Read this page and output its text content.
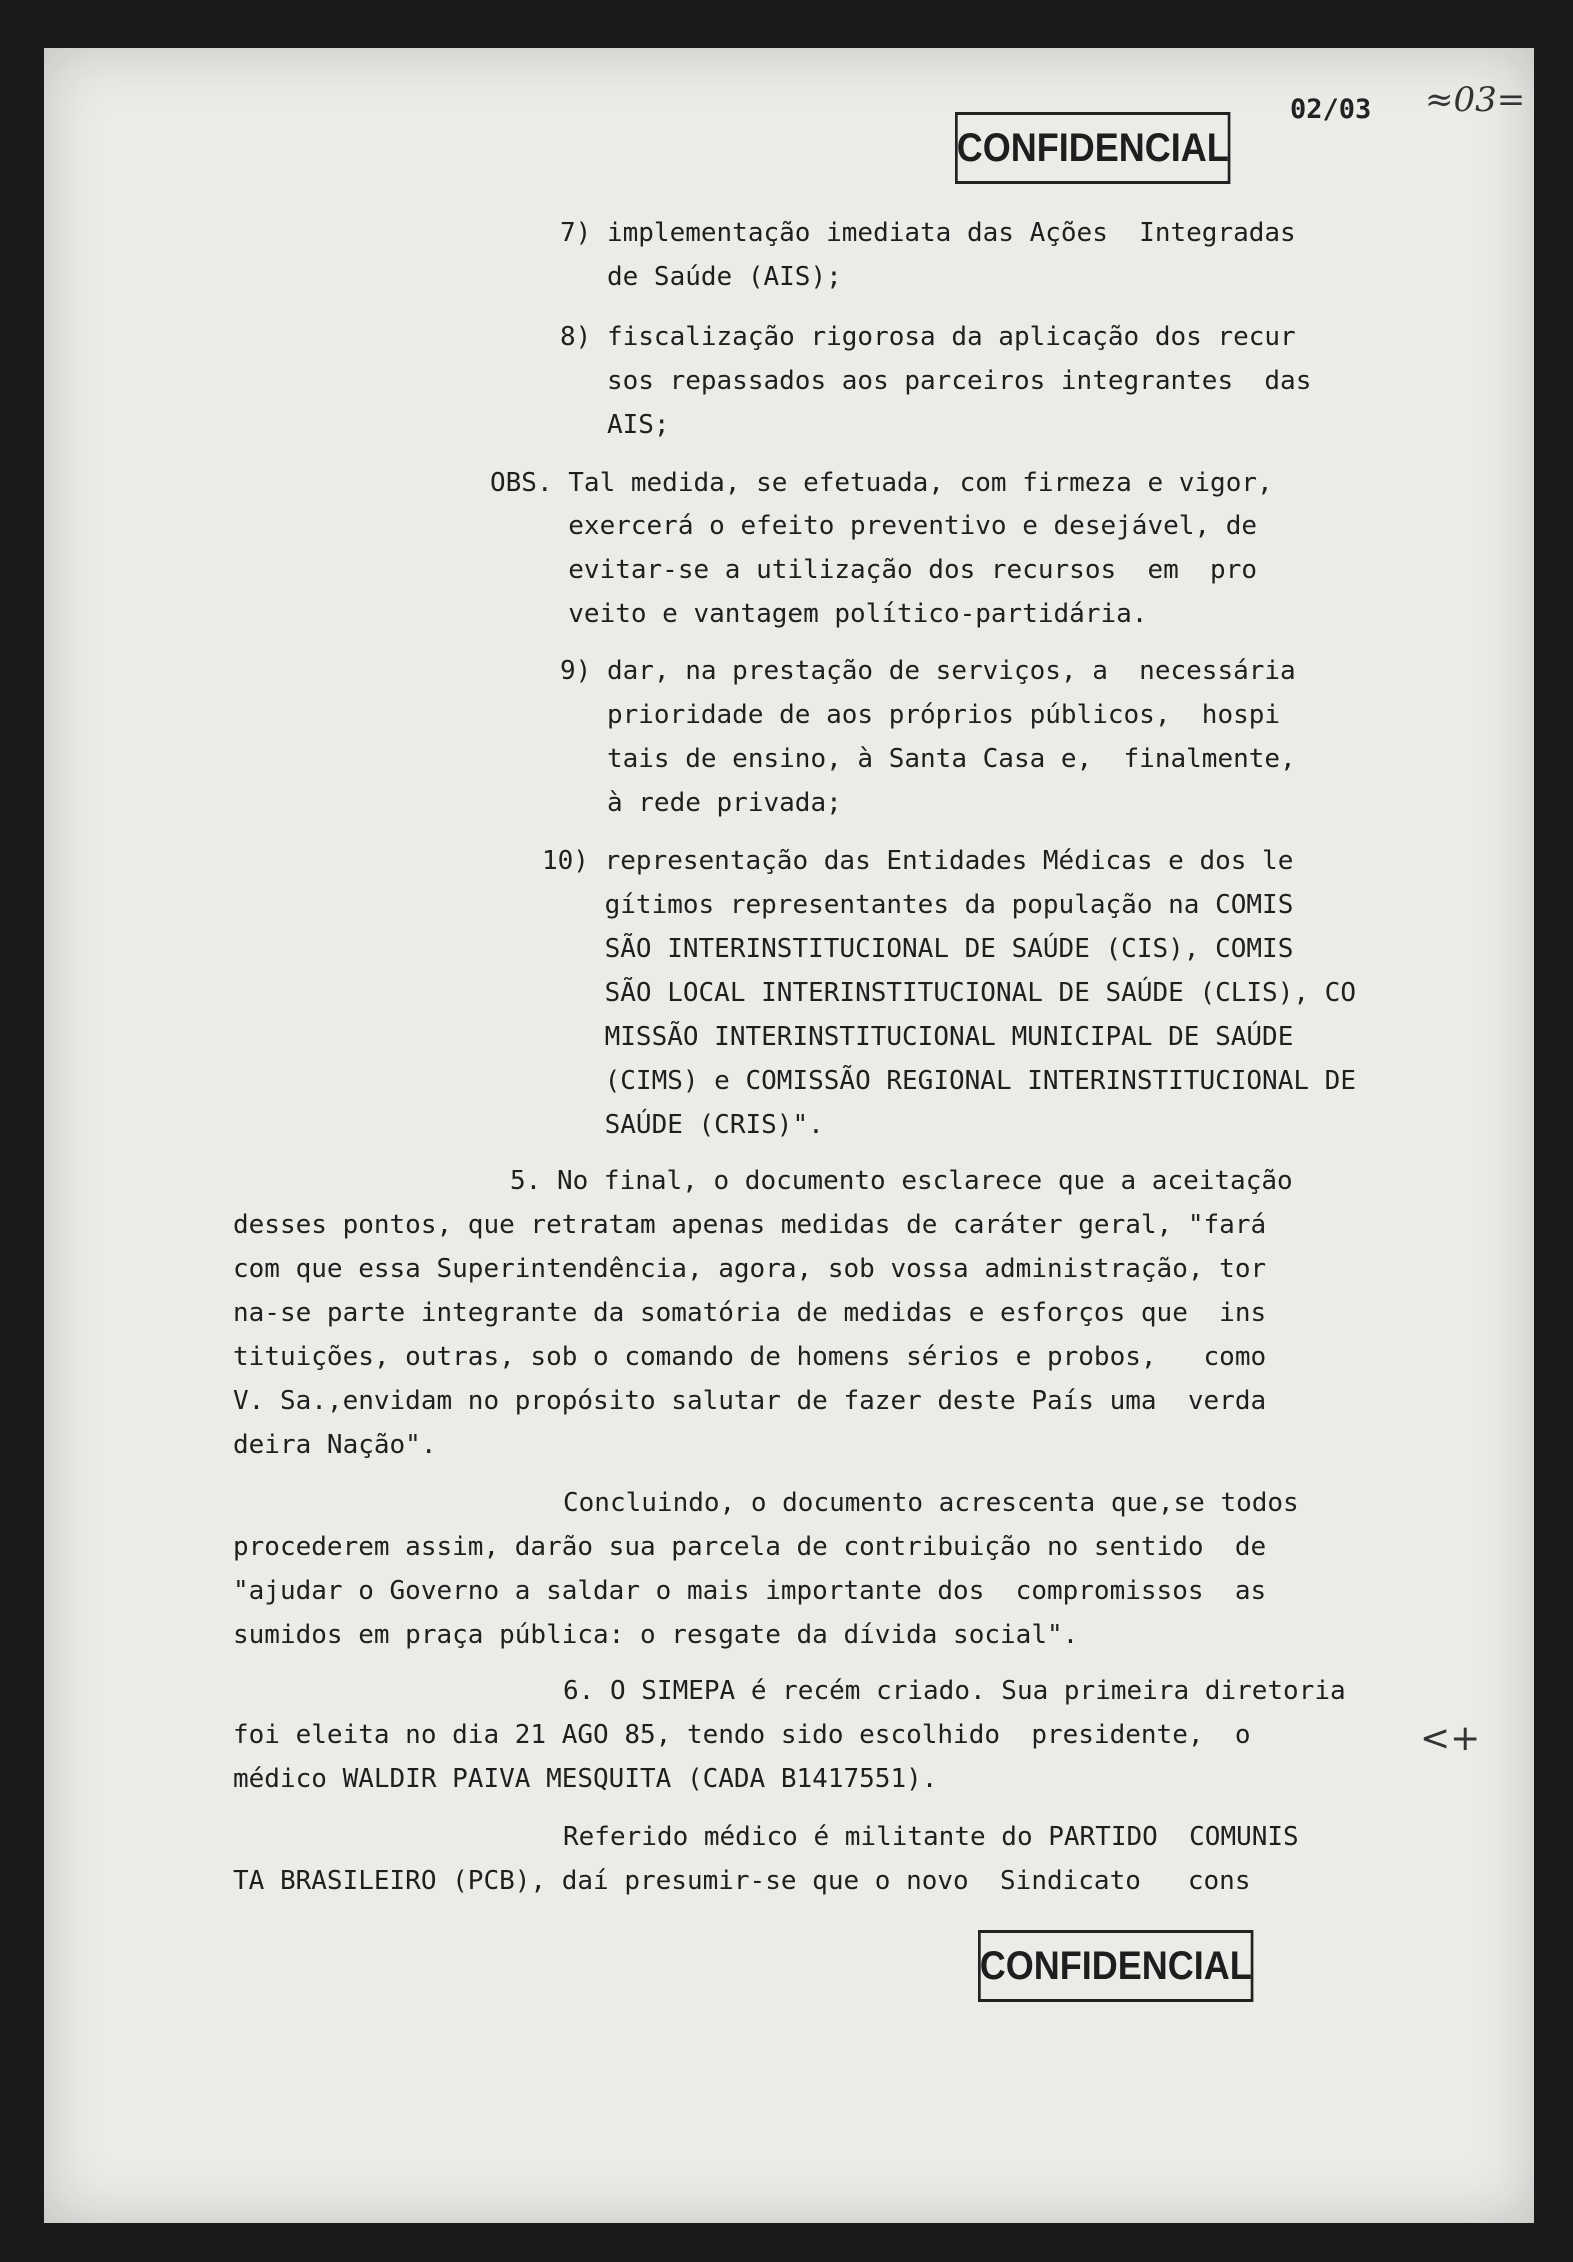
CONFIDENCIAL
02/03 ≈03=
7) implementação imediata das Ações  Integradas
de Saúde (AIS);
8) fiscalização rigorosa da aplicação dos recur
sos repassados aos parceiros integrantes  das
AIS;
OBS. Tal medida, se efetuada, com firmeza e vigor,
exercerá o efeito preventivo e desejável, de
evitar-se a utilização dos recursos  em  pro
veito e vantagem político-partidária.
9) dar, na prestação de serviços, a  necessária
prioridade de aos próprios públicos,  hospi
tais de ensino, à Santa Casa e,  finalmente,
à rede privada;
10) representação das Entidades Médicas e dos le
gítimos representantes da população na COMIS
SÃO INTERINSTITUCIONAL DE SAÚDE (CIS), COMIS
SÃO LOCAL INTERINSTITUCIONAL DE SAÚDE (CLIS), CO
MISSÃO INTERINSTITUCIONAL MUNICIPAL DE SAÚDE
(CIMS) e COMISSÃO REGIONAL INTERINSTITUCIONAL DE
SAÚDE (CRIS)".
5. No final, o documento esclarece que a aceitação
desses pontos, que retratam apenas medidas de caráter geral, "fará
com que essa Superintendência, agora, sob vossa administração, tor
na-se parte integrante da somatória de medidas e esforços que  ins
tituições, outras, sob o comando de homens sérios e probos,   como
V. Sa.,envidam no propósito salutar de fazer deste País uma  verda
deira Nação".
Concluindo, o documento acrescenta que,se todos
procederem assim, darão sua parcela de contribuição no sentido  de
"ajudar o Governo a saldar o mais importante dos  compromissos  as
sumidos em praça pública: o resgate da dívida social".
6. O SIMEPA é recém criado. Sua primeira diretoria
foi eleita no dia 21 AGO 85, tendo sido escolhido  presidente,  o
médico WALDIR PAIVA MESQUITA (CADA B1417551).
Referido médico é militante do PARTIDO  COMUNIS
TA BRASILEIRO (PCB), daí presumir-se que o novo  Sindicato   cons
CONFIDENCIAL
<+
